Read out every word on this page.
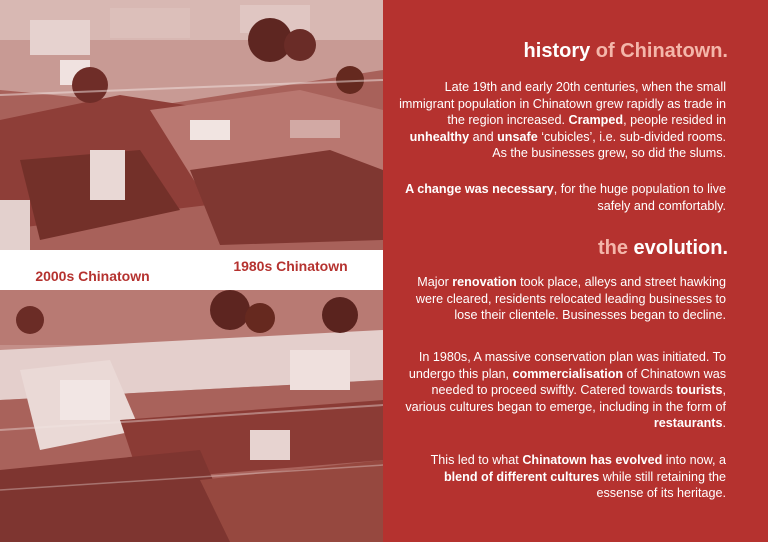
1980s Chinatown
2000s Chinatown
history of Chinatown.
Late 19th and early 20th centuries, when the small immigrant population in Chinatown grew rapidly as trade in the region increased. Cramped, people resided in unhealthy and unsafe ‘cubicles’, i.e. sub-divided rooms. As the businesses grew, so did the slums.
A change was necessary, for the huge population to live safely and comfortably.
the evolution.
Major renovation took place, alleys and street hawking were cleared, residents relocated leading businesses to lose their clientele. Businesses began to decline.
In 1980s, A massive conservation plan was initiated. To undergo this plan, commercialisation of Chinatown was needed to proceed swiftly. Catered towards tourists, various cultures began to emerge, including in the form of restaurants.
This led to what Chinatown has evolved into now, a blend of different cultures while still retaining the essense of its heritage.
